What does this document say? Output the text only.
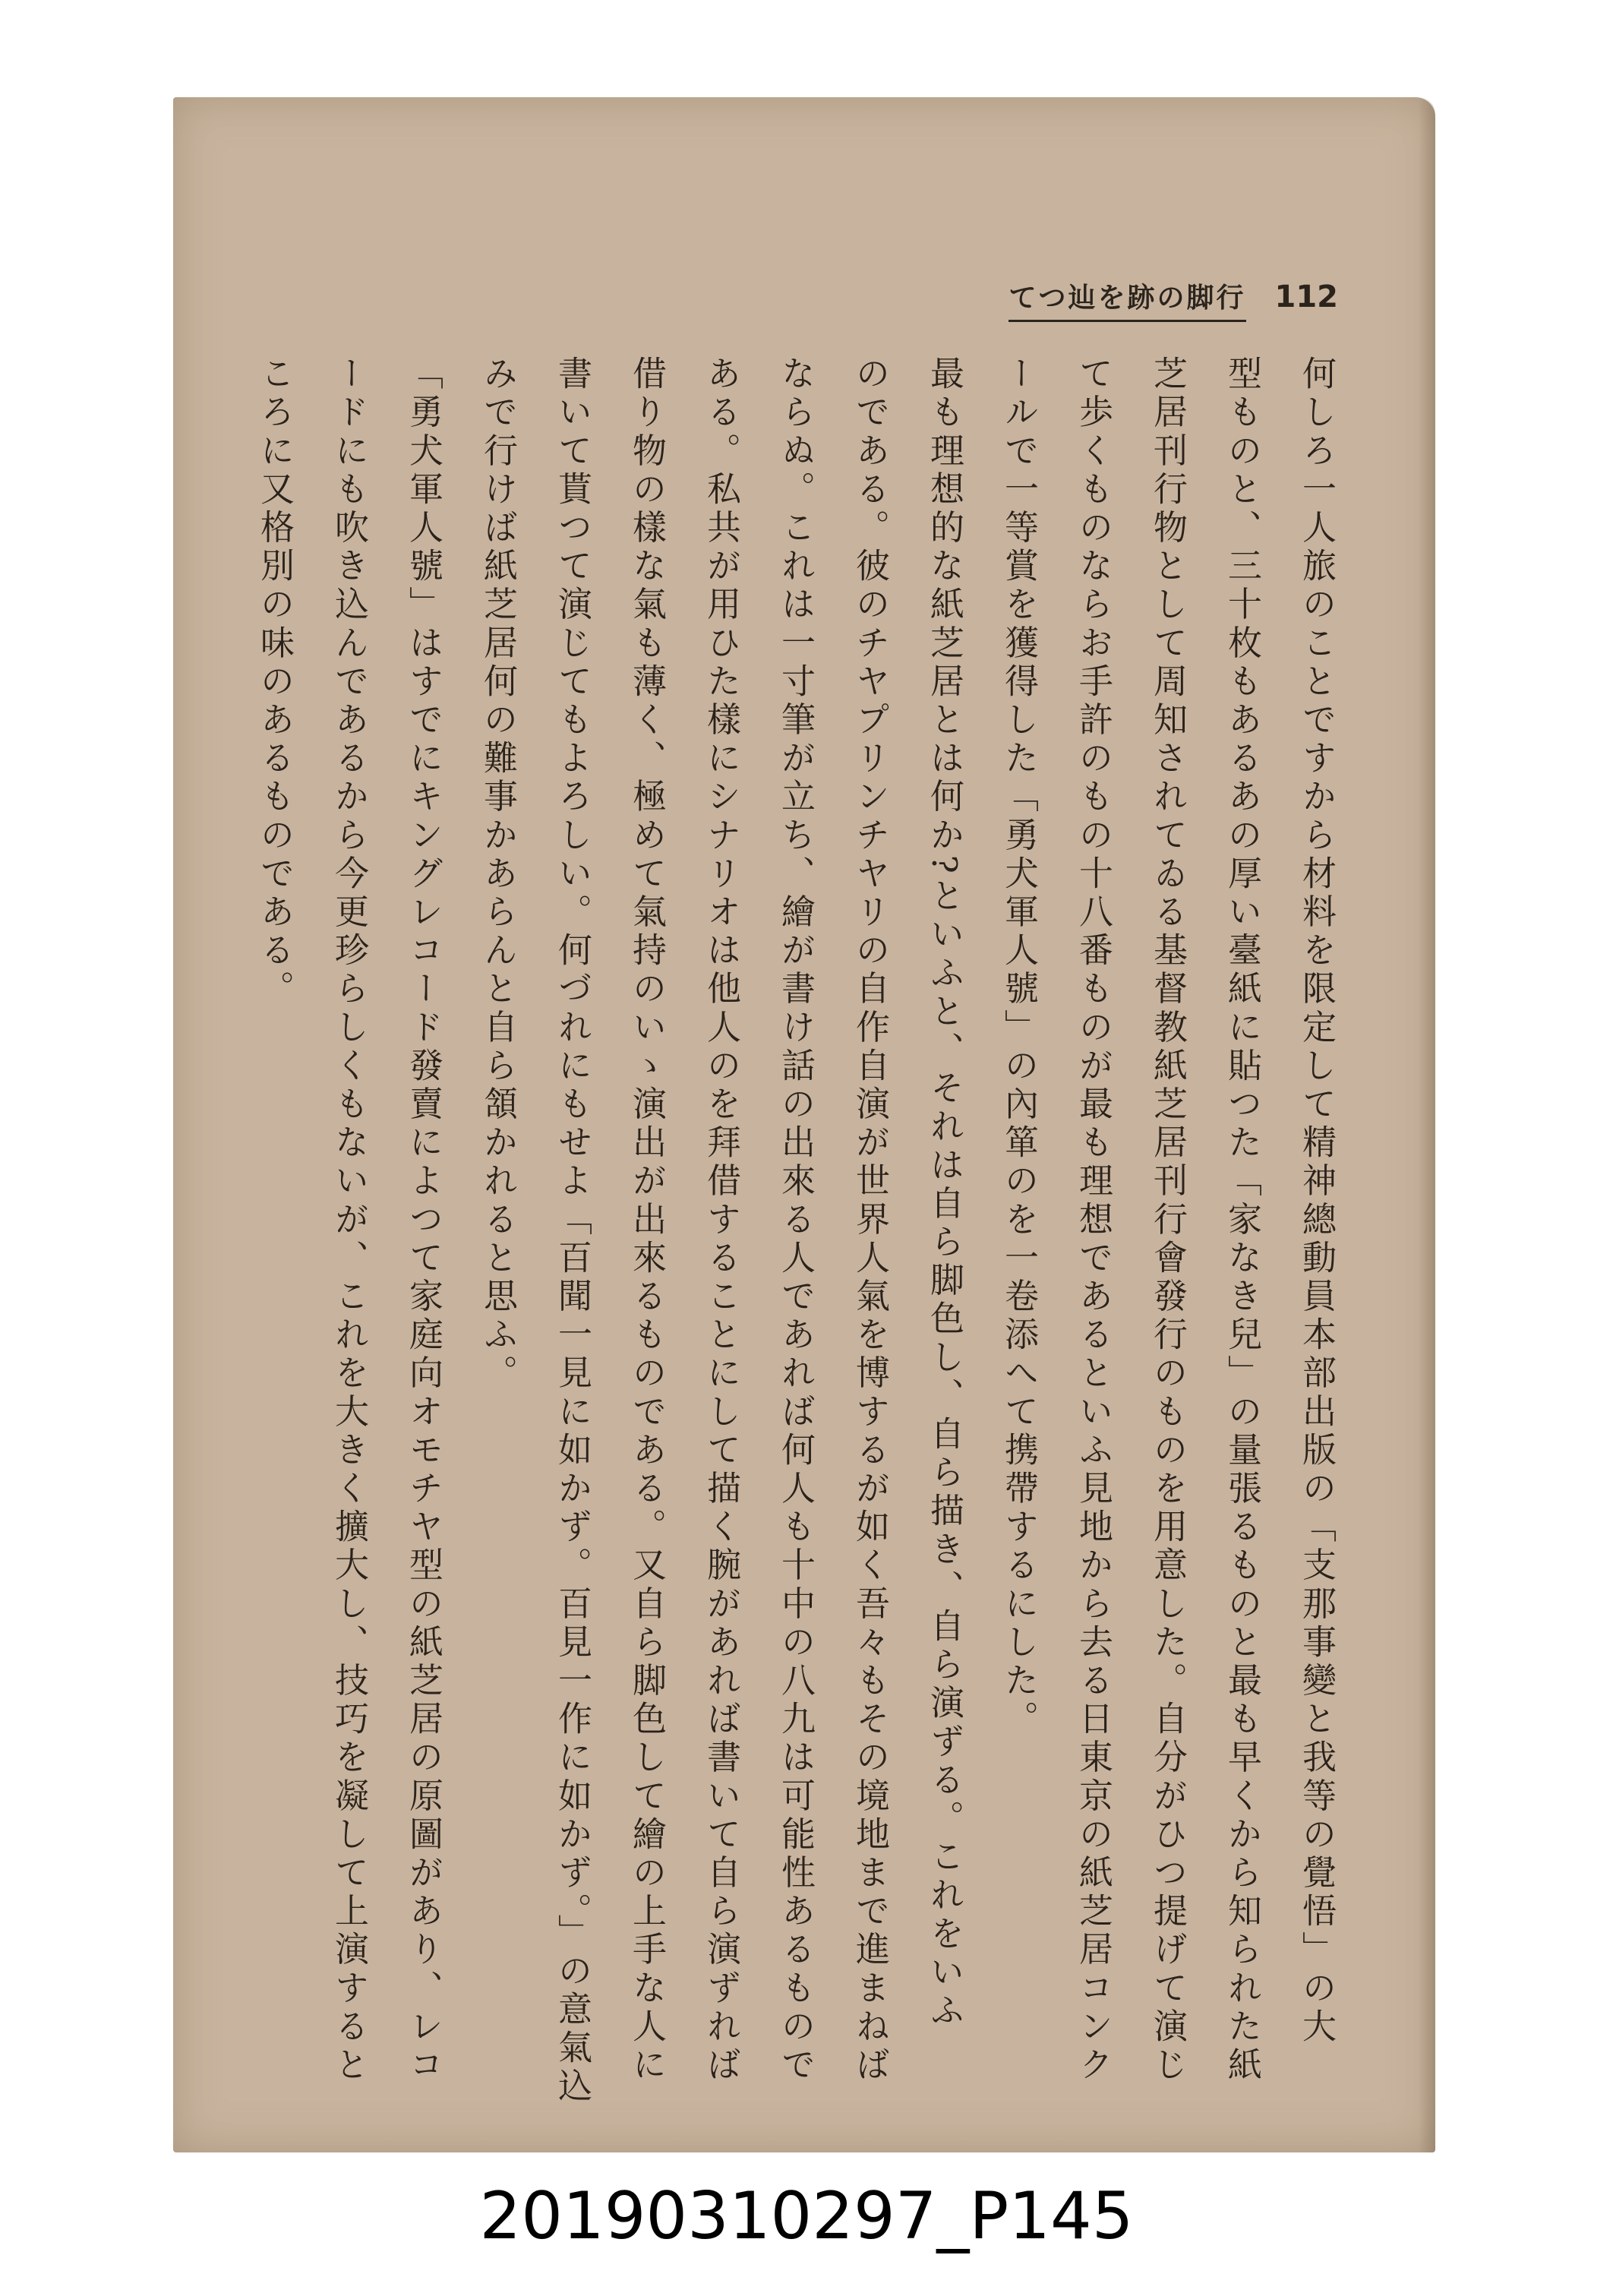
てつ辿を跡の脚行 112
何しろ一人旅のことですから材料を限定して精神總動員本部出版の「支那事變と我等の覺悟」の大
型ものと、三十枚もあるあの厚い臺紙に貼つた「家なき兒」の量張るものと最も早くから知られた紙
芝居刊行物として周知されてゐる基督教紙芝居刊行會發行のものを用意した。自分がひつ提げて演じ
て歩くものならお手許のもの十八番ものが最も理想であるといふ見地から去る日東京の紙芝居コンク
ールで一等賞を獲得した「勇犬軍人號」の內箪のを一卷添へて携帶するにした。
最も理想的な紙芝居とは何か?といふと、それは自ら脚色し、自ら描き、自ら演ずる。これをいふ
のである。彼のチヤプリンチヤリの自作自演が世界人氣を博するが如く吾々もその境地まで進まねば
ならぬ。これは一寸筆が立ち、繪が書け話の出來る人であれば何人も十中の八九は可能性あるもので
ある。私共が用ひた樣にシナリオは他人のを拜借することにして描く腕があれば書いて自ら演ずれば
借り物の樣な氣も薄く、極めて氣持のいゝ演出が出來るものである。又自ら脚色して繪の上手な人に
書いて貰つて演じてもよろしい。何づれにもせよ「百聞一見に如かず。百見一作に如かず。」の意氣込
みで行けば紙芝居何の難事かあらんと自ら頷かれると思ふ。
「勇犬軍人號」はすでにキングレコード發賣によつて家庭向オモチヤ型の紙芝居の原圖があり、レコ
ードにも吹き込んであるから今更珍らしくもないが、これを大きく擴大し、技巧を凝して上演すると
ころに又格別の味のあるものである。
20190310297_P145
